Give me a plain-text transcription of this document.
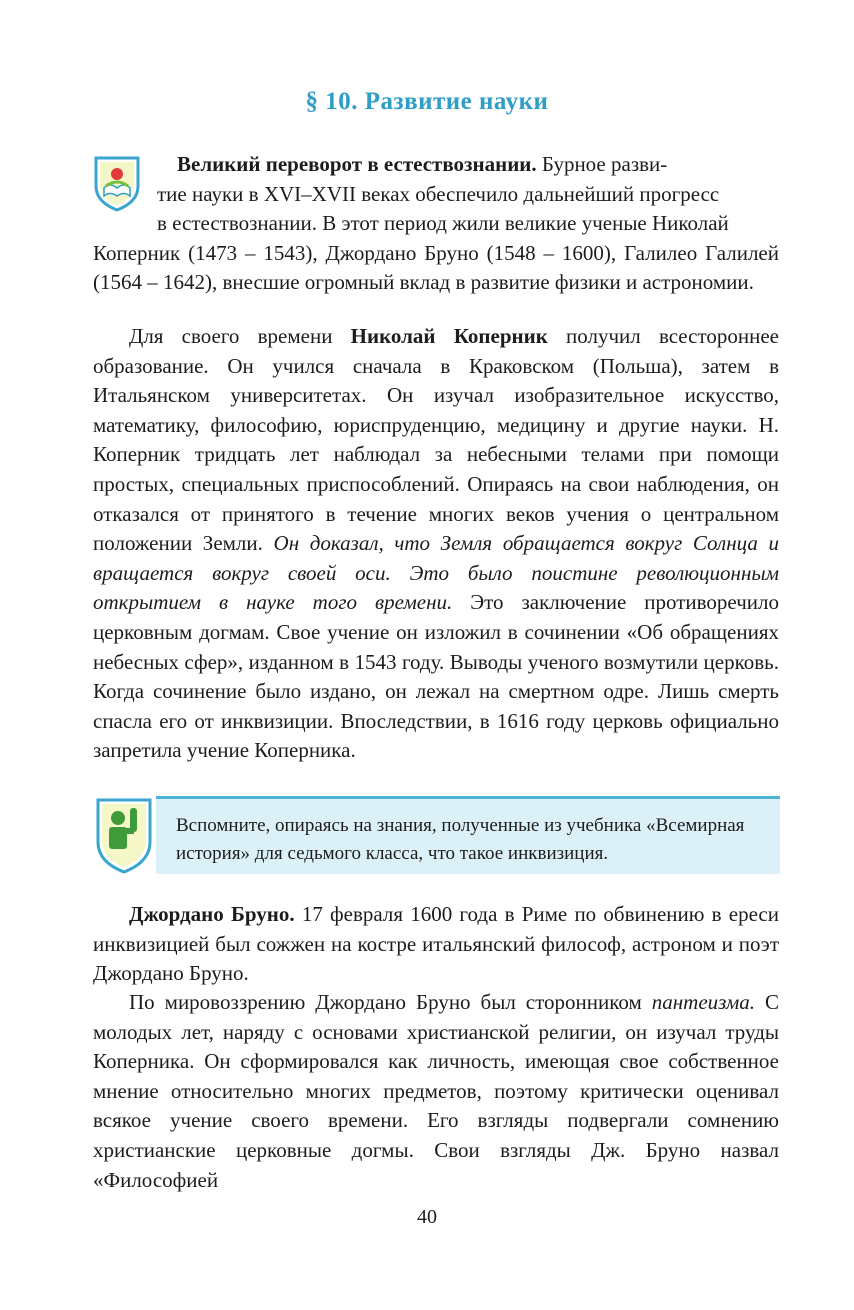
§ 10. Развитие науки
Великий переворот в естествознании. Бурное разви-
тие науки в XVI–XVII веках обеспечило дальнейший прогресс
в естествознании. В этот период жили великие ученые Николай
Коперник (1473 – 1543), Джордано Бруно (1548 – 1600), Галилео Галилей (1564 – 1642), внесшие огромный вклад в развитие физики и астрономии.
Для своего времени Николай Коперник получил всестороннее образование. Он учился сначала в Краковском (Польша), затем в Итальянском университетах. Он изучал изобразительное искусство, математику, философию, юриспруденцию, медицину и другие науки. Н. Коперник тридцать лет наблюдал за небесными телами при помощи простых, специальных приспособлений. Опираясь на свои наблюдения, он отказался от принятого в течение многих веков учения о центральном положении Земли. Он доказал, что Земля обращается вокруг Солнца и вращается вокруг своей оси. Это было поистине революционным открытием в науке того времени. Это заключение противоречило церковным догмам. Свое учение он изложил в сочинении «Об обращениях небесных сфер», изданном в 1543 году. Выводы ученого возмутили церковь. Когда сочинение было издано, он лежал на смертном одре. Лишь смерть спасла его от инквизиции. Впоследствии, в 1616 году церковь официально запретила учение Коперника.
Вспомните, опираясь на знания, полученные из учебника «Всемирная история» для седьмого класса, что такое инквизиция.
Джордано Бруно. 17 февраля 1600 года в Риме по обвинению в ереси инквизицией был сожжен на костре итальянский философ, астроном и поэт Джордано Бруно.
По мировоззрению Джордано Бруно был сторонником пантеизма. С молодых лет, наряду с основами христианской религии, он изучал труды Коперника. Он сформировался как личность, имеющая свое собственное мнение относительно многих предметов, поэтому критически оценивал всякое учение своего времени. Его взгляды подвергали сомнению христианские церковные догмы. Свои взгляды Дж. Бруно назвал «Философией
40
